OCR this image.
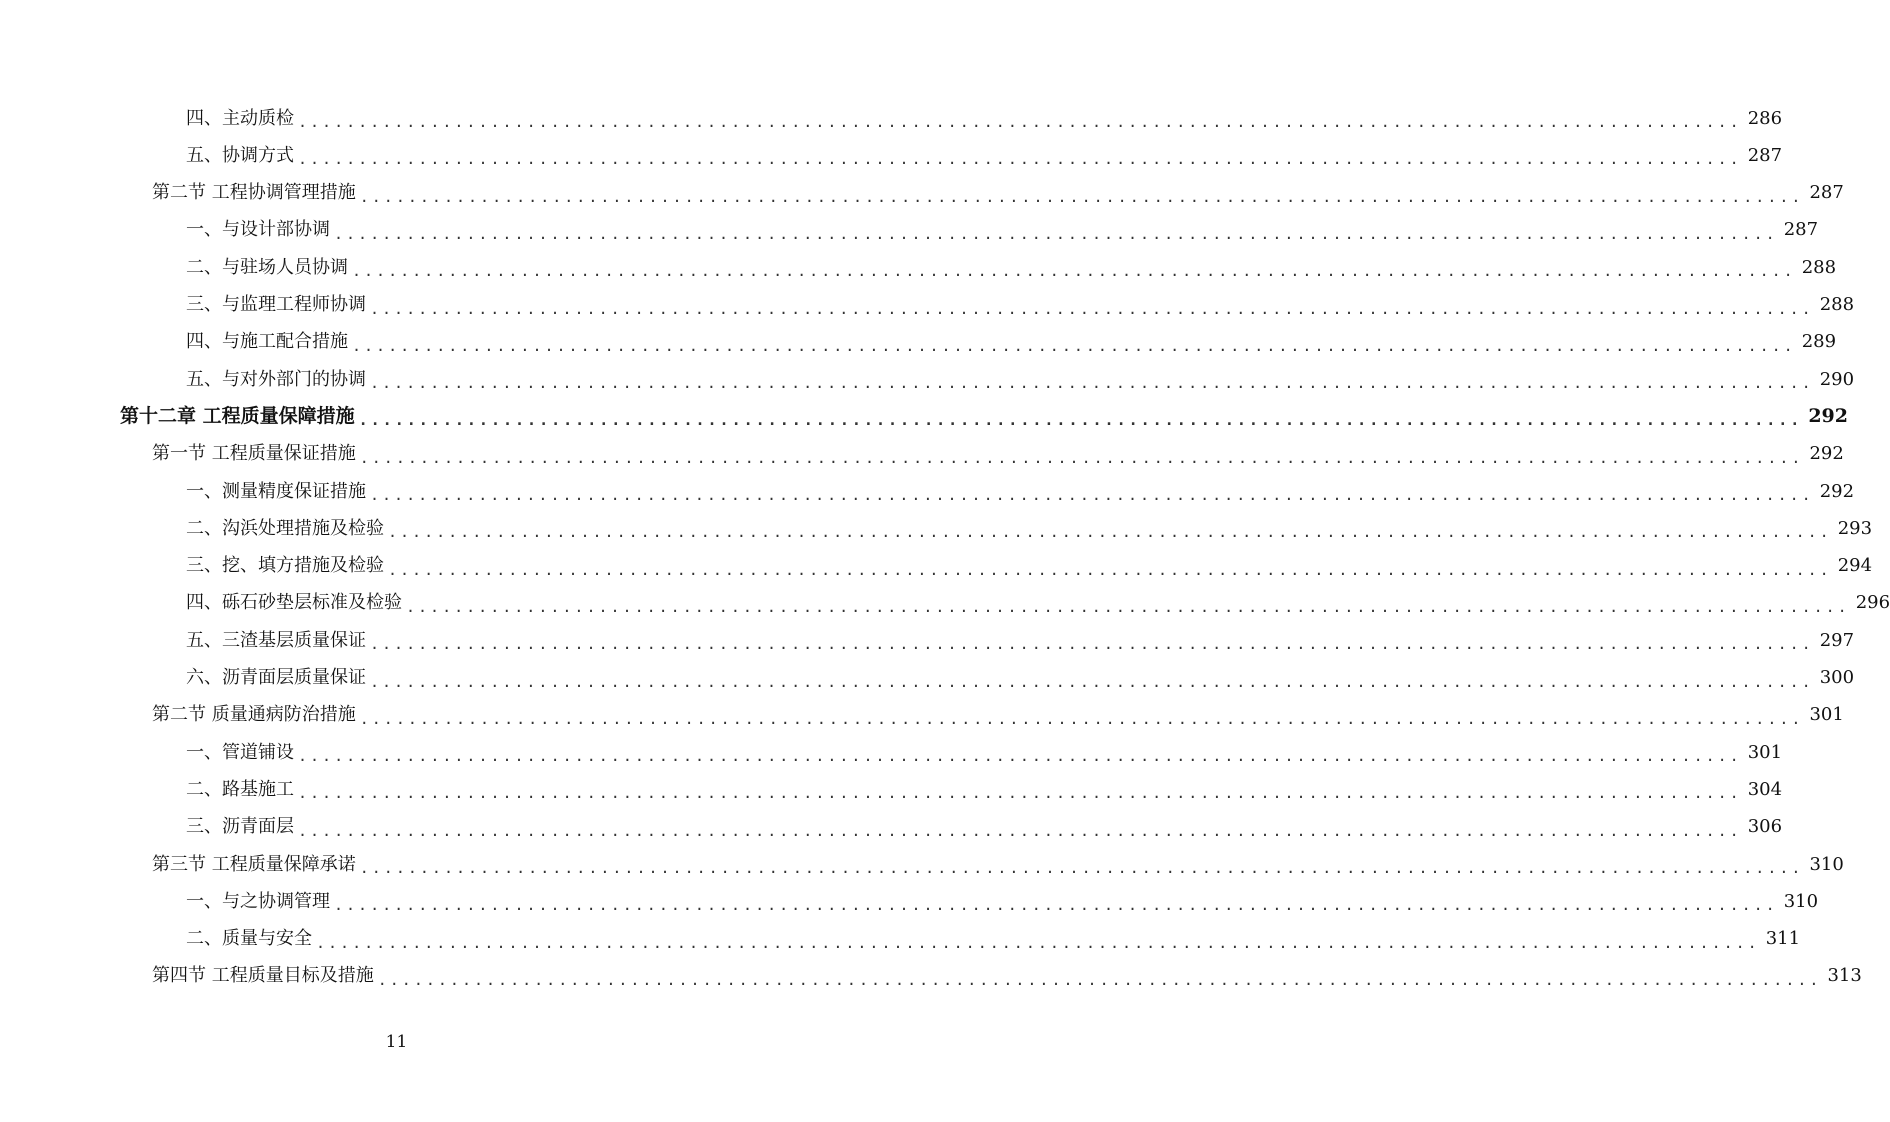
四、主动质检 ........................................................................................................................ 286
五、协调方式 ........................................................................................................................ 287
第二节 工程协调管理措施 ........................................................................................................................ 287
一、与设计部协调 ........................................................................................................................ 287
二、与驻场人员协调 ........................................................................................................................ 288
三、与监理工程师协调 ........................................................................................................................ 288
四、与施工配合措施 ........................................................................................................................ 289
五、与对外部门的协调 ........................................................................................................................ 290
第十二章 工程质量保障措施 ........................................................................................................................ 292
第一节 工程质量保证措施 ........................................................................................................................ 292
一、测量精度保证措施 ........................................................................................................................ 292
二、沟浜处理措施及检验 ........................................................................................................................ 293
三、挖、填方措施及检验 ........................................................................................................................ 294
四、砾石砂垫层标准及检验 ........................................................................................................................ 296
五、三渣基层质量保证 ........................................................................................................................ 297
六、沥青面层质量保证 ........................................................................................................................ 300
第二节 质量通病防治措施 ........................................................................................................................ 301
一、管道铺设 ........................................................................................................................ 301
二、路基施工 ........................................................................................................................ 304
三、沥青面层 ........................................................................................................................ 306
第三节 工程质量保障承诺 ........................................................................................................................ 310
一、与之协调管理 ........................................................................................................................ 310
二、质量与安全 ........................................................................................................................ 311
第四节 工程质量目标及措施 ........................................................................................................................ 313
11
